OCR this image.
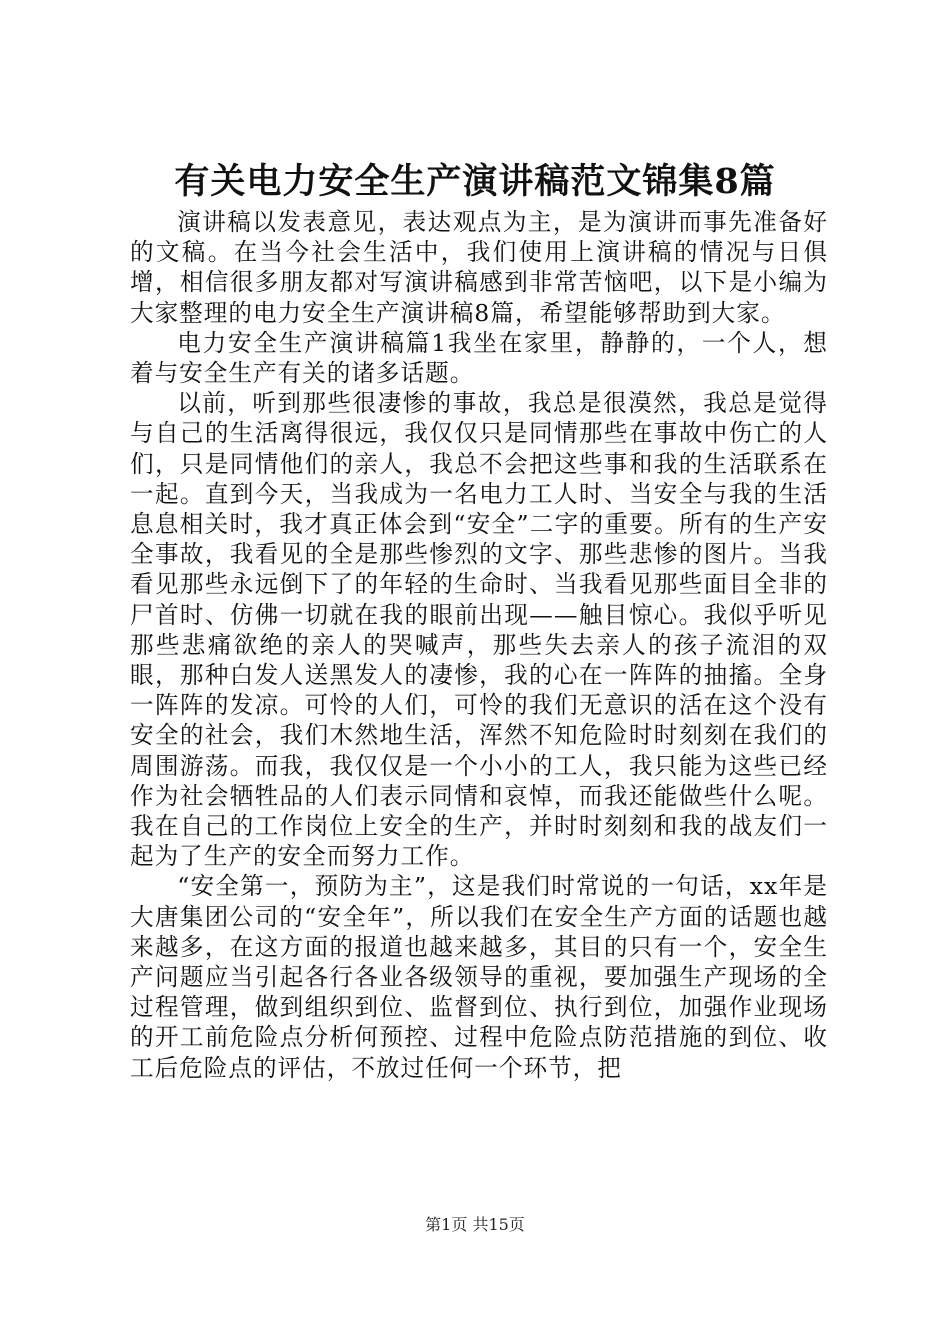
有关电力安全生产演讲稿范文锦集8篇

演讲稿以发表意见，表达观点为主，是为演讲而事先准备好的文稿。在当今社会生活中，我们使用上演讲稿的情况与日俱增，相信很多朋友都对写演讲稿感到非常苦恼吧，以下是小编为大家整理的电力安全生产演讲稿8篇，希望能够帮助到大家。

电力安全生产演讲稿篇1我坐在家里，静静的，一个人，想着与安全生产有关的诸多话题。

以前，听到那些很凄惨的事故，我总是很漠然，我总是觉得与自己的生活离得很远，我仅仅只是同情那些在事故中伤亡的人们，只是同情他们的亲人，我总不会把这些事和我的生活联系在一起。直到今天，当我成为一名电力工人时、当安全与我的生活息息相关时，我才真正体会到“安全”二字的重要。所有的生产安全事故，我看见的全是那些惨烈的文字、那些悲惨的图片。当我看见那些永远倒下了的年轻的生命时、当我看见那些面目全非的尸首时、仿佛一切就在我的眼前出现——触目惊心。我似乎听见那些悲痛欲绝的亲人的哭喊声，那些失去亲人的孩子流泪的双眼，那种白发人送黑发人的凄惨，我的心在一阵阵的抽搐。全身一阵阵的发凉。可怜的人们，可怜的我们无意识的活在这个没有安全的社会，我们木然地生活，浑然不知危险时时刻刻在我们的周围游荡。而我，我仅仅是一个小小的工人，我只能为这些已经作为社会牺牲品的人们表示同情和哀悼，而我还能做些什么呢。我在自己的工作岗位上安全的生产，并时时刻刻和我的战友们一起为了生产的安全而努力工作。

“安全第一，预防为主”，这是我们时常说的一句话，xx年是大唐集团公司的“安全年”，所以我们在安全生产方面的话题也越来越多，在这方面的报道也越来越多，其目的只有一个，安全生产问题应当引起各行各业各级领导的重视，要加强生产现场的全过程管理，做到组织到位、监督到位、执行到位，加强作业现场的开工前危险点分析何预控、过程中危险点防范措施的到位、收工后危险点的评估，不放过任何一个环节，把

第1页 共15页
